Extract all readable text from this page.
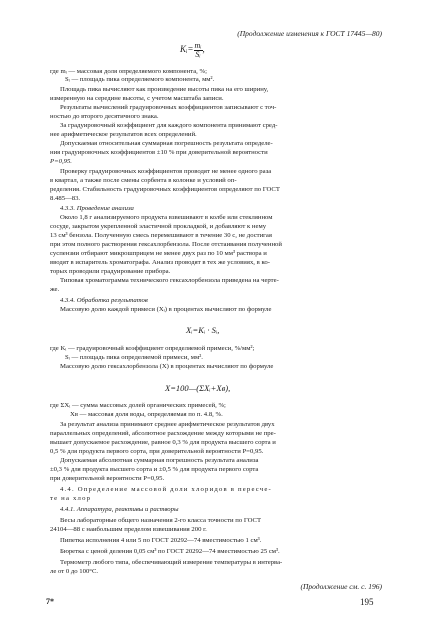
(Продолжение изменения к ГОСТ 17445—80)
Kᵢ= $\frac{\text{mᵢ}}{\text{Sᵢ}}$ ,
где mᵢ — массовая доля определяемого компонента, %;
Sᵢ — площадь пика определяемого компонента, мм².
Площадь пика вычисляют как произведение высоты пика на его ширину,
измеренную на середине высоты, с учетом масштаба записи.
Результаты вычислений градуировочных коэффициентов записывают с точ-
ностью до второго десятичного знака.
За градуировочный коэффициент для каждого компонента принимают сред-
нее арифметическое результатов всех определений.
Допускаемая относительная суммарная погрешность результата определе-
ния градуировочных коэффициентов ±10 % при доверительной вероятности
P=0,95.
Проверку градуировочных коэффициентов проводят не менее одного раза
в квартал, а также после смены сорбента в колонке и условий оп-
ределения. Стабильность градуировочных коэффициентов определяют по ГОСТ
8.485—83.
4.3.3. Проведение анализа
Около 1,8 г анализируемого продукта взвешивают в колбе или стеклянном
сосуде, закрытом укрепленной эластичной прокладкой, и добавляют к нему
13 см³ бензола. Полученную смесь перемешивают в течение 30 с, не достигая
при этом полного растворения гексахлорбензола. После отстаивания полученной
суспензии отбирают микрошприцем не менее двух раз по 10 мм³ раствора и
вводят в испаритель хроматографа. Анализ проводят в тех же условиях, в ко-
торых проводили градуирование прибора.
Типовая хроматограмма технического гексахлорбензола приведена на черте-
же.
4.3.4. Обработка результатов
Массовую долю каждой примеси (Xᵢ) в процентах вычисляют по формуле
Xᵢ=Kᵢ · Sᵢ,
где Kᵢ — градуировочный коэффициент определяемой примеси, %/мм²;
Sᵢ — площадь пика определяемой примеси, мм².
Массовую долю гексахлорбензола (X) в процентах вычисляют по формуле
X=100—(ΣXᵢ+Xв),
где ΣXᵢ — сумма массовых долей органических примесей, %;
Xв — массовая доля воды, определяемая по п. 4.8, %.
За результат анализа принимают среднее арифметическое результатов двух
параллельных определений, абсолютное расхождение между которыми не пре-
вышает допускаемое расхождение, равное 0,3 % для продукта высшего сорта и
0,5 % для продукта первого сорта, при доверительной вероятности P=0,95.
Допускаемая абсолютная суммарная погрешность результата анализа
±0,3 % для продукта высшего сорта и ±0,5 % для продукта первого сорта
при доверительной вероятности P=0,95.
4.4. Определение массовой доли хлоридов в пересче-
те на хлор
4.4.1. Аппаратура, реактивы и растворы
Весы лабораторные общего назначения 2-го класса точности по ГОСТ
24104—88 с наибольшим пределом взвешивания 200 г.
Пипетка исполнения 4 или 5 по ГОСТ 20292—74 вместимостью 1 см³.
Бюретка с ценой деления 0,05 см³ по ГОСТ 20292—74 вместимостью 25 см³.
Термометр любого типа, обеспечивающий измерение температуры в интерва-
ле от 0 до 100°С.
(Продолжение см. с. 196)
7*	195
